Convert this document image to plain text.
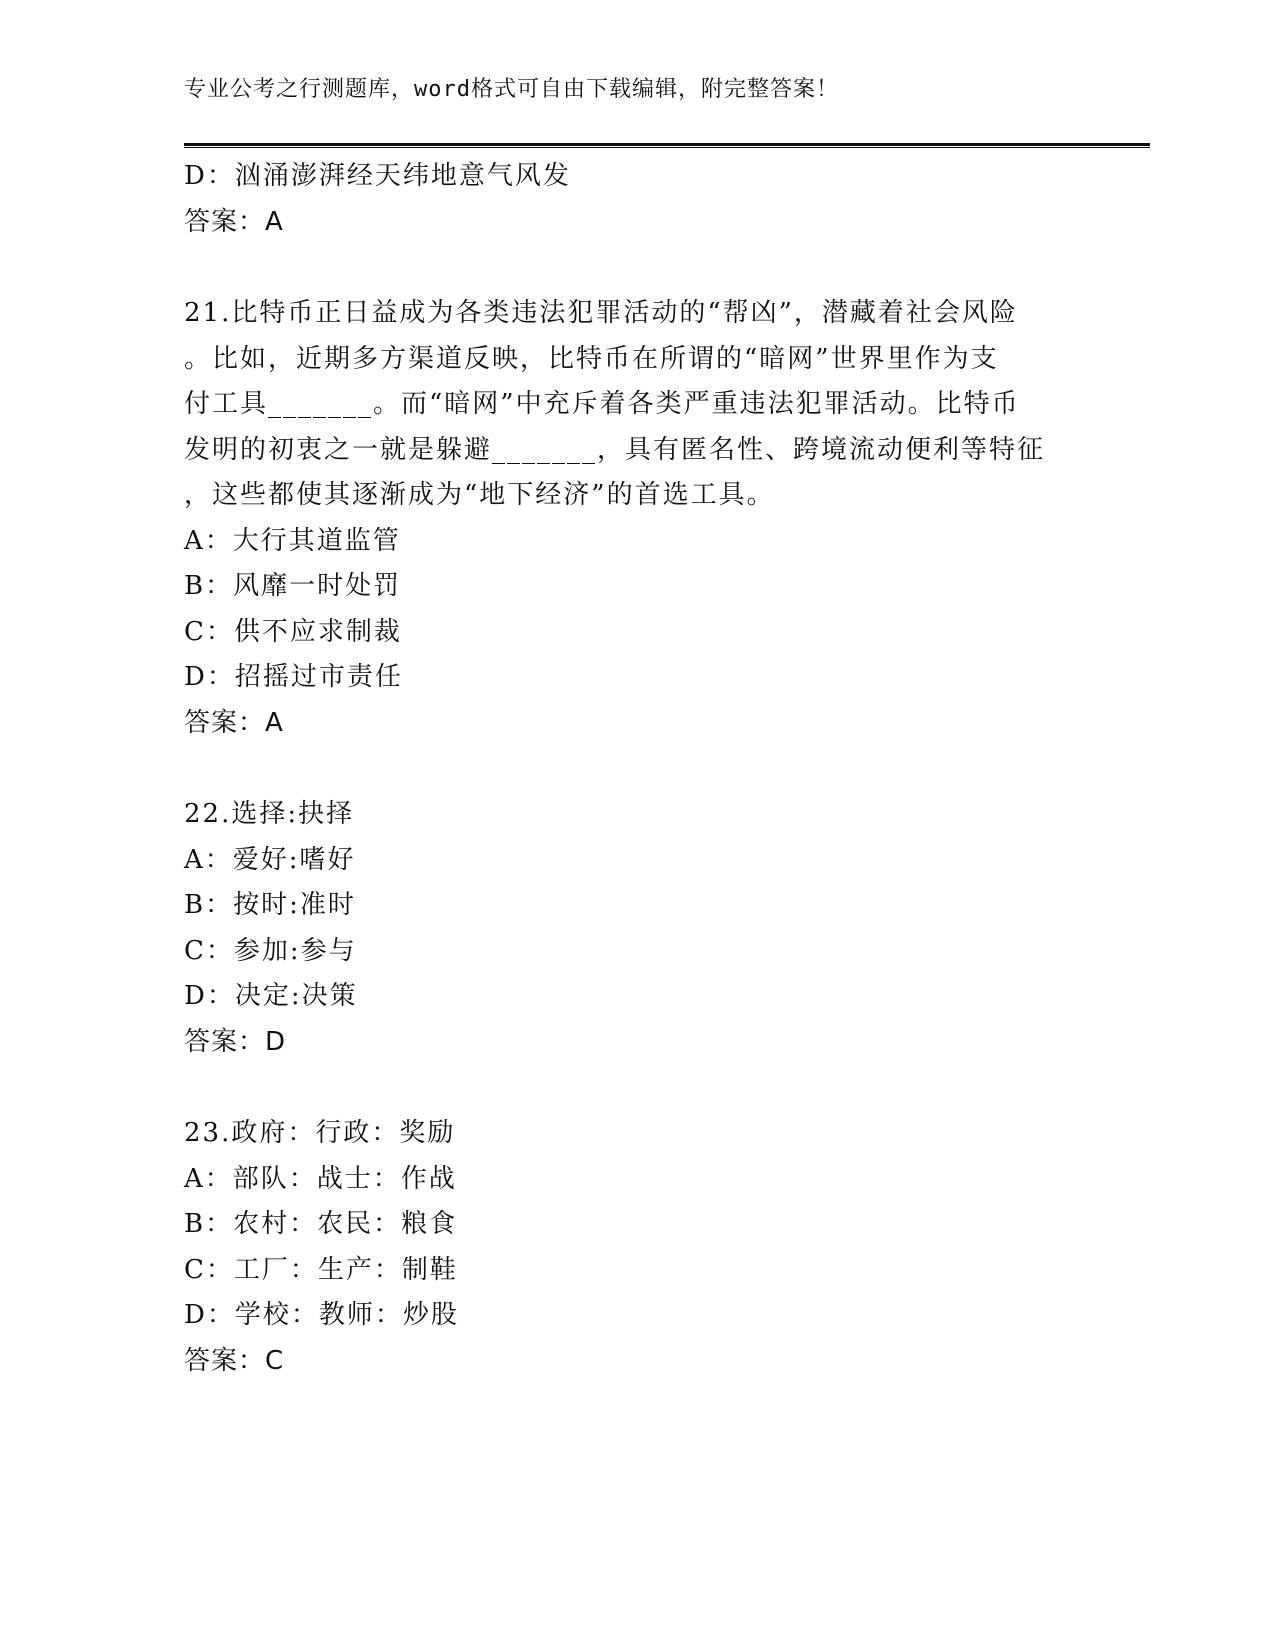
专业公考之行测题库，word格式可自由下载编辑，附完整答案！
D：汹涌澎湃经天纬地意气风发
答案：A
21.比特币正日益成为各类违法犯罪活动的“帮凶”，潜藏着社会风险
。比如，近期多方渠道反映，比特币在所谓的“暗网”世界里作为支
付工具_______。而“暗网”中充斥着各类严重违法犯罪活动。比特币
发明的初衷之一就是躲避_______，具有匿名性、跨境流动便利等特征
，这些都使其逐渐成为“地下经济”的首选工具。
A：大行其道监管
B：风靡一时处罚
C：供不应求制裁
D：招摇过市责任
答案：A
22.选择:抉择
A：爱好:嗜好
B：按时:准时
C：参加:参与
D：决定:决策
答案：D
23.政府：行政：奖励
A：部队：战士：作战
B：农村：农民：粮食
C：工厂：生产：制鞋
D：学校：教师：炒股
答案：C
